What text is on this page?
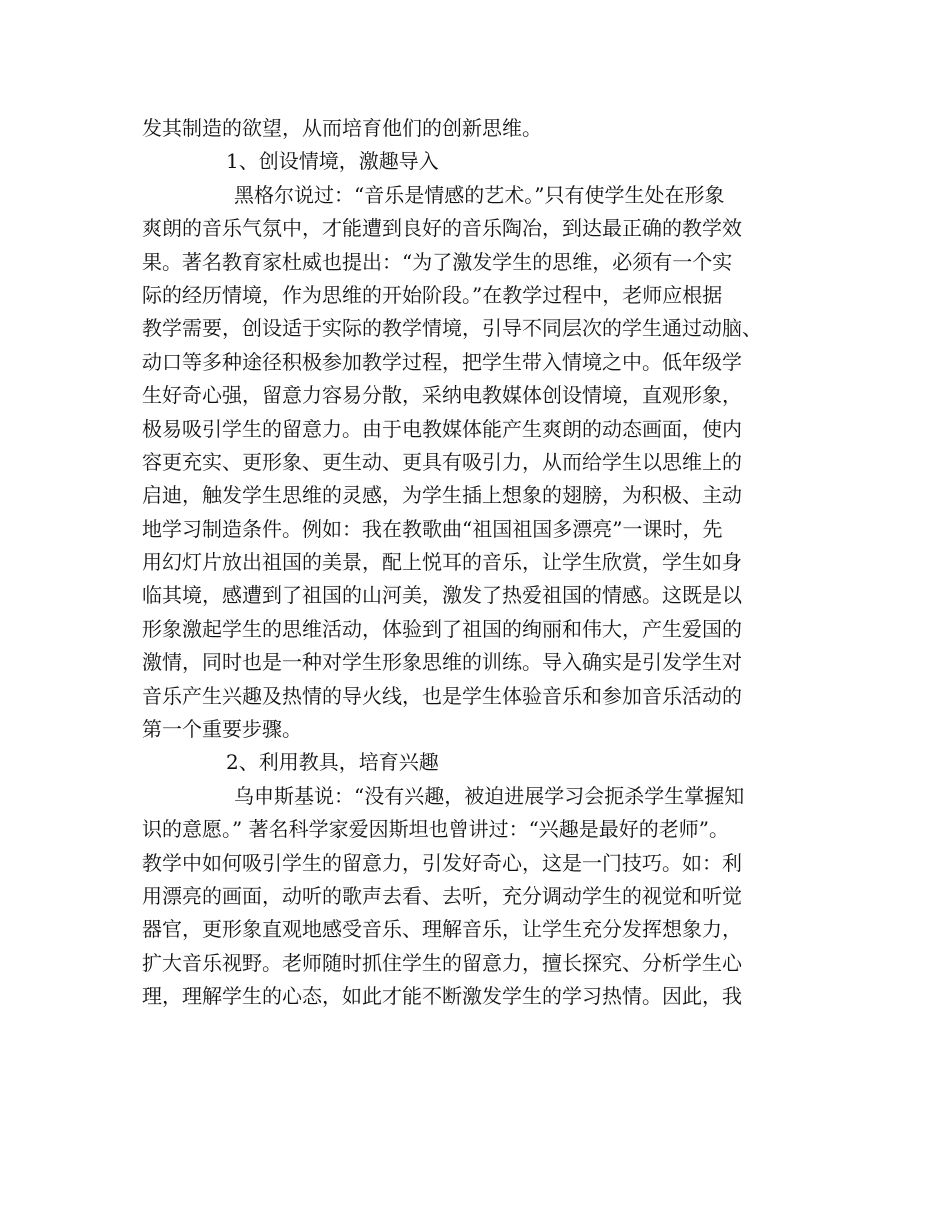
发其制造的欲望，从而培育他们的创新思维。
1、创设情境，激趣导入
黑格尔说过：“音乐是情感的艺术。”只有使学生处在形象
爽朗的音乐气氛中，才能遭到良好的音乐陶冶，到达最正确的教学效
果。著名教育家杜威也提出：“为了激发学生的思维，必须有一个实
际的经历情境，作为思维的开始阶段。”在教学过程中，老师应根据
教学需要，创设适于实际的教学情境，引导不同层次的学生通过动脑、
动口等多种途径积极参加教学过程，把学生带入情境之中。低年级学
生好奇心强，留意力容易分散，采纳电教媒体创设情境，直观形象，
极易吸引学生的留意力。由于电教媒体能产生爽朗的动态画面，使内
容更充实、更形象、更生动、更具有吸引力，从而给学生以思维上的
启迪，触发学生思维的灵感，为学生插上想象的翅膀，为积极、主动
地学习制造条件。例如：我在教歌曲“祖国祖国多漂亮”一课时，先
用幻灯片放出祖国的美景，配上悦耳的音乐，让学生欣赏，学生如身
临其境，感遭到了祖国的山河美，激发了热爱祖国的情感。这既是以
形象激起学生的思维活动，体验到了祖国的绚丽和伟大，产生爱国的
激情，同时也是一种对学生形象思维的训练。导入确实是引发学生对
音乐产生兴趣及热情的导火线，也是学生体验音乐和参加音乐活动的
第一个重要步骤。
2、利用教具，培育兴趣
乌申斯基说：“没有兴趣，被迫进展学习会扼杀学生掌握知
识的意愿。” 著名科学家爱因斯坦也曾讲过：“兴趣是最好的老师”。
教学中如何吸引学生的留意力，引发好奇心，这是一门技巧。如：利
用漂亮的画面，动听的歌声去看、去听，充分调动学生的视觉和听觉
器官，更形象直观地感受音乐、理解音乐，让学生充分发挥想象力，
扩大音乐视野。老师随时抓住学生的留意力，擅长探究、分析学生心
理，理解学生的心态，如此才能不断激发学生的学习热情。因此，我
